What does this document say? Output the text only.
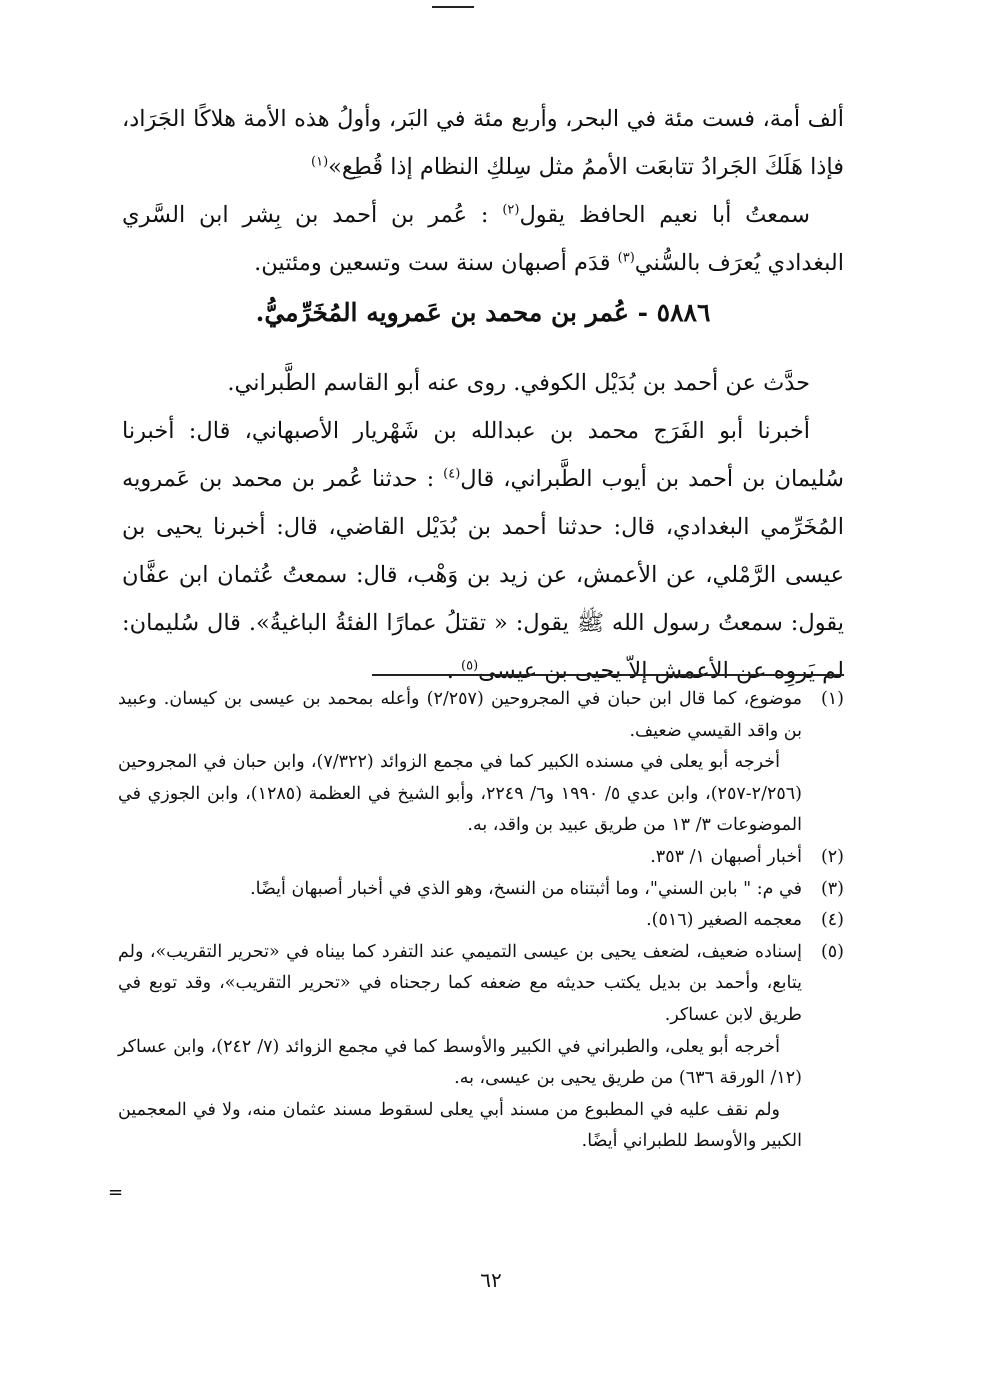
ألف أمة، فست مئة في البحر، وأربع مئة في البَر، وأولُ هذه الأمة هلاكًا الجَرَاد، فإذا هَلَكَ الجَرادُ تتابعَت الأممُ مثل سِلكِ النظام إذا قُطِع»$^{(١)}$

سمعتُ أبا نعيم الحافظ يقول$^{(٢)}$ : عُمر بن أحمد بن بِشر ابن السَّري البغدادي يُعرَف بالسُّني$^{(٣)}$ قدَم أصبهان سنة ست وتسعين ومئتين.

٥٨٨٦ - عُمر بن محمد بن عَمرويه المُخَرِّميُّ.

حدَّث عن أحمد بن بُدَيْل الكوفي. روى عنه أبو القاسم الطَّبراني.

أخبرنا أبو الفَرَج محمد بن عبدالله بن شَهْريار الأصبهاني، قال: أخبرنا سُليمان بن أحمد بن أيوب الطَّبراني، قال$^{(٤)}$ : حدثنا عُمر بن محمد بن عَمرويه المُخَرِّمي البغدادي، قال: حدثنا أحمد بن بُدَيْل القاضي، قال: أخبرنا يحيى بن عيسى الرَّمْلي، عن الأعمش، عن زيد بن وَهْب، قال: سمعتُ عُثمان ابن عفَّان يقول: سمعتُ رسول الله ﷺ يقول: « تقتلُ عمارًا الفئةُ الباغيةُ». قال سُليمان: لم يَروِه عن الأعمش إلاّ يحيى بن عيسى$^{(٥)}$ .

(١)

موضوع، كما قال ابن حبان في المجروحين (٢/٢٥٧) وأعله بمحمد بن عيسى بن كيسان. وعبيد بن واقد القيسي ضعيف.

أخرجه أبو يعلى في مسنده الكبير كما في مجمع الزوائد (٧/٣٢٢)، وابن حبان في المجروحين (٢/٢٥٦-٢٥٧)، وابن عدي ٥/ ١٩٩٠ و٦/ ٢٢٤٩، وأبو الشيخ في العظمة (١٢٨٥)، وابن الجوزي في الموضوعات ٣/ ١٣ من طريق عبيد بن واقد، به.

(٢)

أخبار أصبهان ١/ ٣٥٣.

(٣)

في م: " بابن السني"، وما أثبتناه من النسخ، وهو الذي في أخبار أصبهان أيضًا.

(٤)

معجمه الصغير (٥١٦).

(٥)

إسناده ضعيف، لضعف يحيى بن عيسى التميمي عند التفرد كما بيناه في «تحرير التقريب»، ولم يتابع، وأحمد بن بديل يكتب حديثه مع ضعفه كما رجحناه في «تحرير التقريب»، وقد توبع في طريق لابن عساكر.

أخرجه أبو يعلى، والطبراني في الكبير والأوسط كما في مجمع الزوائد (٧/ ٢٤٢)، وابن عساكر (١٢/ الورقة ٦٣٦) من طريق يحيى بن عيسى، به.

ولم نقف عليه في المطبوع من مسند أبي يعلى لسقوط مسند عثمان منه، ولا في المعجمين الكبير والأوسط للطبراني أيضًا.

=
٦٢
